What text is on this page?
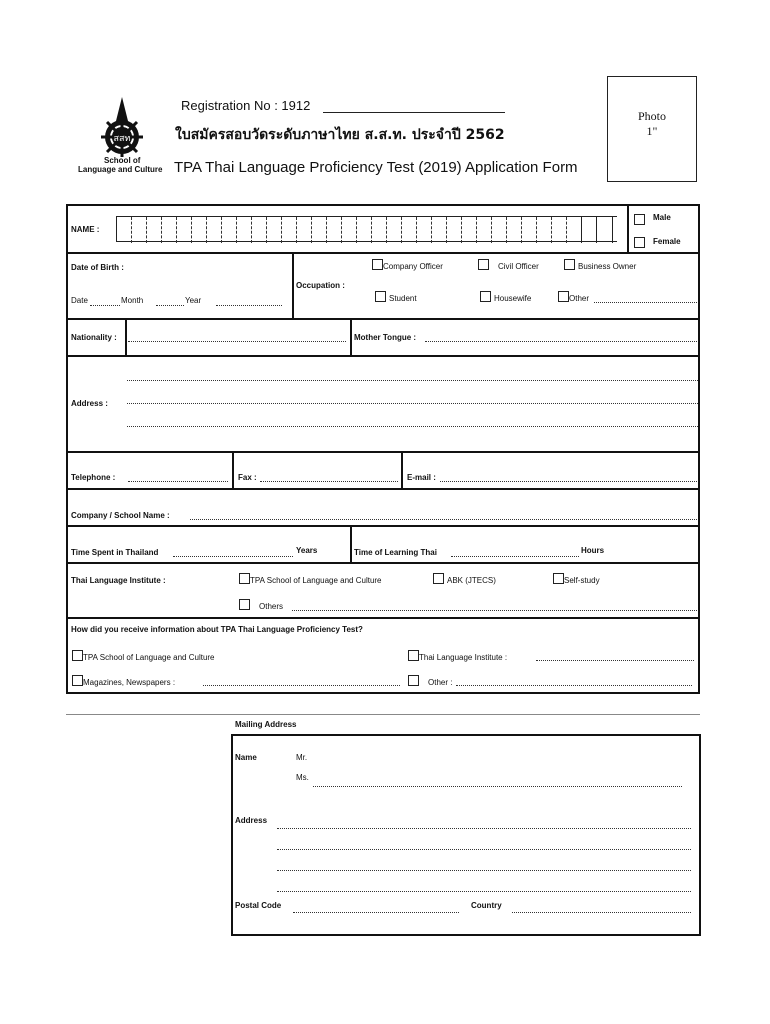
สสท
School of
Language and Culture
Registration No : 1912
ใบสมัครสอบวัดระดับภาษาไทย ส.ส.ท. ประจำปี 2562
TPA Thai Language Proficiency Test (2019) Application Form
Photo
1"
NAME :
Male
Female
Date of Birth :
Date	Month	Year
Occupation :
Company Officer	Civil Officer	Business Owner
Student	Housewife	Other
Nationality :	Mother Tongue :
Address :
Telephone :	Fax :	E-mail :
Company / School Name :
Time Spent in Thailand	Years	Time of Learning Thai	Hours
Thai Language Institute :	TPA School of Language and Culture	ABK (JTECS)	Self-study
Others
How did you receive information about TPA Thai Language Proficiency Test?
TPA School of Language and Culture	Thai Language Institute :
Magazines, Newspapers :	Other :
Mailing Address
Name	Mr.
Ms.
Address
Postal Code	Country
